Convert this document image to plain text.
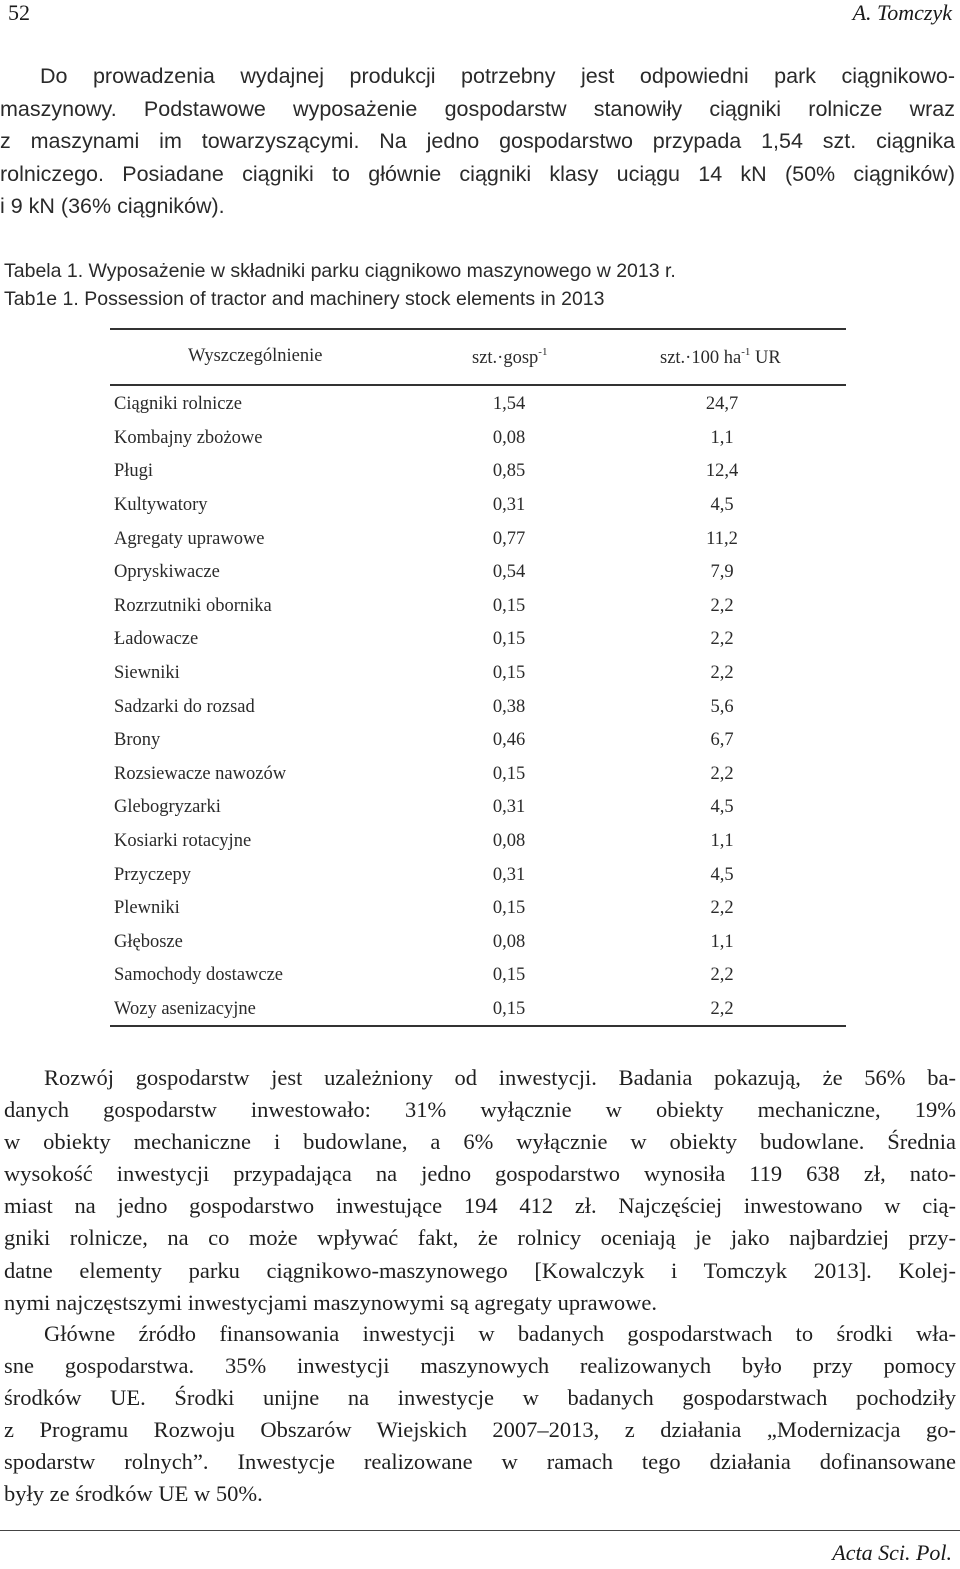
52	A. Tomczyk
Do prowadzenia wydajnej produkcji potrzebny jest odpowiedni park ciągnikowo-
maszynowy. Podstawowe wyposażenie gospodarstw stanowiły ciągniki rolnicze wraz
z maszynami im towarzyszącymi. Na jedno gospodarstwo przypada 1,54 szt. ciągnika
rolniczego. Posiadane ciągniki to głównie ciągniki klasy uciągu 14 kN (50% ciągników)
i 9 kN (36% ciągników).
Tabela 1. Wyposażenie w składniki parku ciągnikowo maszynowego w 2013 r.
Tab1e 1. Possession of tractor and machinery stock elements in 2013
Wyszczególnienie	szt.·gosp$^{-1}$	szt.·100 $ha^{-1}$ UR
Ciągniki rolnicze	1,54	24,7
Kombajny zbożowe	0,08	1,1
Pługi	0,85	12,4
Kultywatory	0,31	4,5
Agregaty uprawowe	0,77	11,2
Opryskiwacze	0,54	7,9
Rozrzutniki obornika	0,15	2,2
Ładowacze	0,15	2,2
Siewniki	0,15	2,2
Sadzarki do rozsad	0,38	5,6
Brony	0,46	6,7
Rozsiewacze nawozów	0,15	2,2
Glebogryzarki	0,31	4,5
Kosiarki rotacyjne	0,08	1,1
Przyczepy	0,31	4,5
Plewniki	0,15	2,2
Głębosze	0,08	1,1
Samochody dostawcze	0,15	2,2
Wozy asenizacyjne	0,15	2,2
Rozwój gospodarstw jest uzależniony od inwestycji. Badania pokazują, że 56% ba-
danych gospodarstw inwestowało: 31% wyłącznie w obiekty mechaniczne, 19%
w obiekty mechaniczne i budowlane, a 6% wyłącznie w obiekty budowlane. Średnia
wysokość inwestycji przypadająca na jedno gospodarstwo wynosiła 119 638 zł, nato-
miast na jedno gospodarstwo inwestujące 194 412 zł. Najczęściej inwestowano w cią-
gniki rolnicze, na co może wpływać fakt, że rolnicy oceniają je jako najbardziej przy-
datne elementy parku ciągnikowo-maszynowego [Kowalczyk i Tomczyk 2013]. Kolej-
nymi najczęstszymi inwestycjami maszynowymi są agregaty uprawowe.
Główne źródło finansowania inwestycji w badanych gospodarstwach to środki wła-
sne gospodarstwa. 35% inwestycji maszynowych realizowanych było przy pomocy
środków UE. Środki unijne na inwestycje w badanych gospodarstwach pochodziły
z Programu Rozwoju Obszarów Wiejskich 2007–2013, z działania „Modernizacja go-
spodarstw rolnych”. Inwestycje realizowane w ramach tego działania dofinansowane
były ze środków UE w 50%.
Acta Sci. Pol.
